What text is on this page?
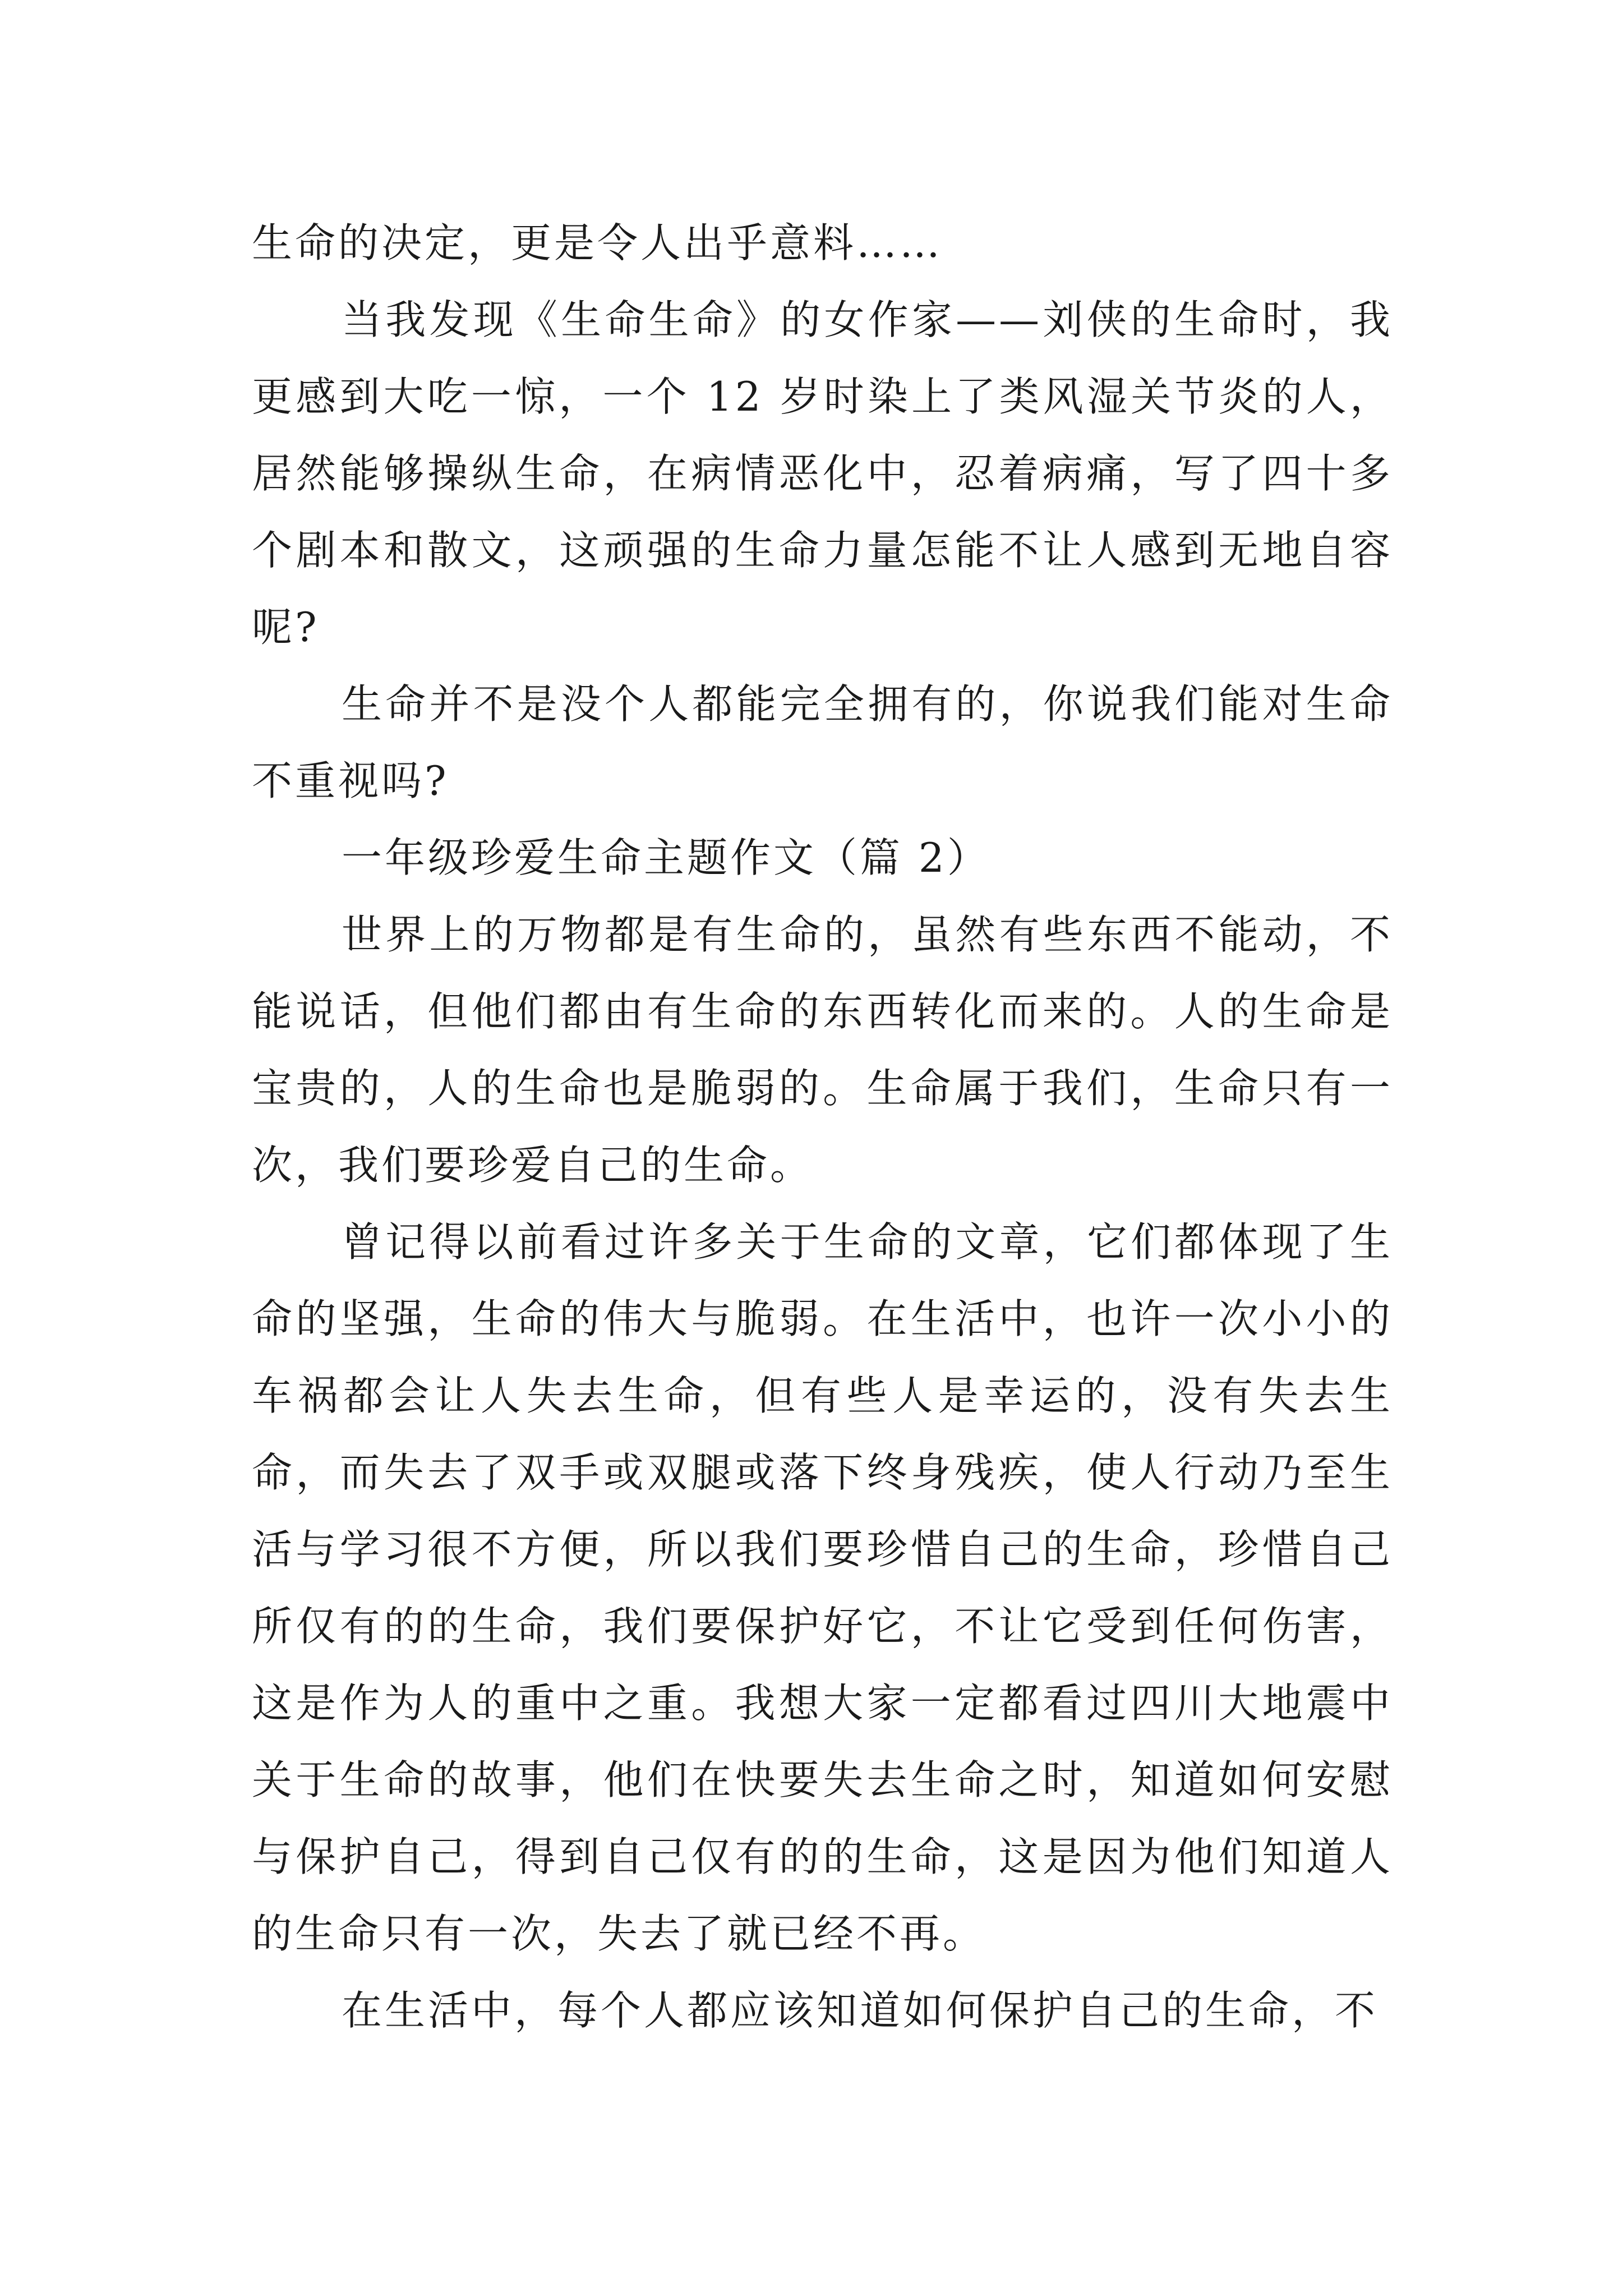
生命的决定，更是令人出乎意料……

当我发现《生命生命》的女作家——刘侠的生命时，我更感到大吃一惊，一个 12 岁时染上了类风湿关节炎的人，居然能够操纵生命，在病情恶化中，忍着病痛，写了四十多个剧本和散文，这顽强的生命力量怎能不让人感到无地自容呢?

生命并不是没个人都能完全拥有的，你说我们能对生命不重视吗?

一年级珍爱生命主题作文（篇 2）

世界上的万物都是有生命的，虽然有些东西不能动，不能说话，但他们都由有生命的东西转化而来的。人的生命是宝贵的，人的生命也是脆弱的。生命属于我们，生命只有一次，我们要珍爱自己的生命。

曾记得以前看过许多关于生命的文章，它们都体现了生命的坚强，生命的伟大与脆弱。在生活中，也许一次小小的车祸都会让人失去生命，但有些人是幸运的，没有失去生命，而失去了双手或双腿或落下终身残疾，使人行动乃至生活与学习很不方便，所以我们要珍惜自己的生命，珍惜自己所仅有的的生命，我们要保护好它，不让它受到任何伤害，这是作为人的重中之重。我想大家一定都看过四川大地震中关于生命的故事，他们在快要失去生命之时，知道如何安慰与保护自己，得到自己仅有的的生命，这是因为他们知道人的生命只有一次，失去了就已经不再。

在生活中，每个人都应该知道如何保护自己的生命，不
